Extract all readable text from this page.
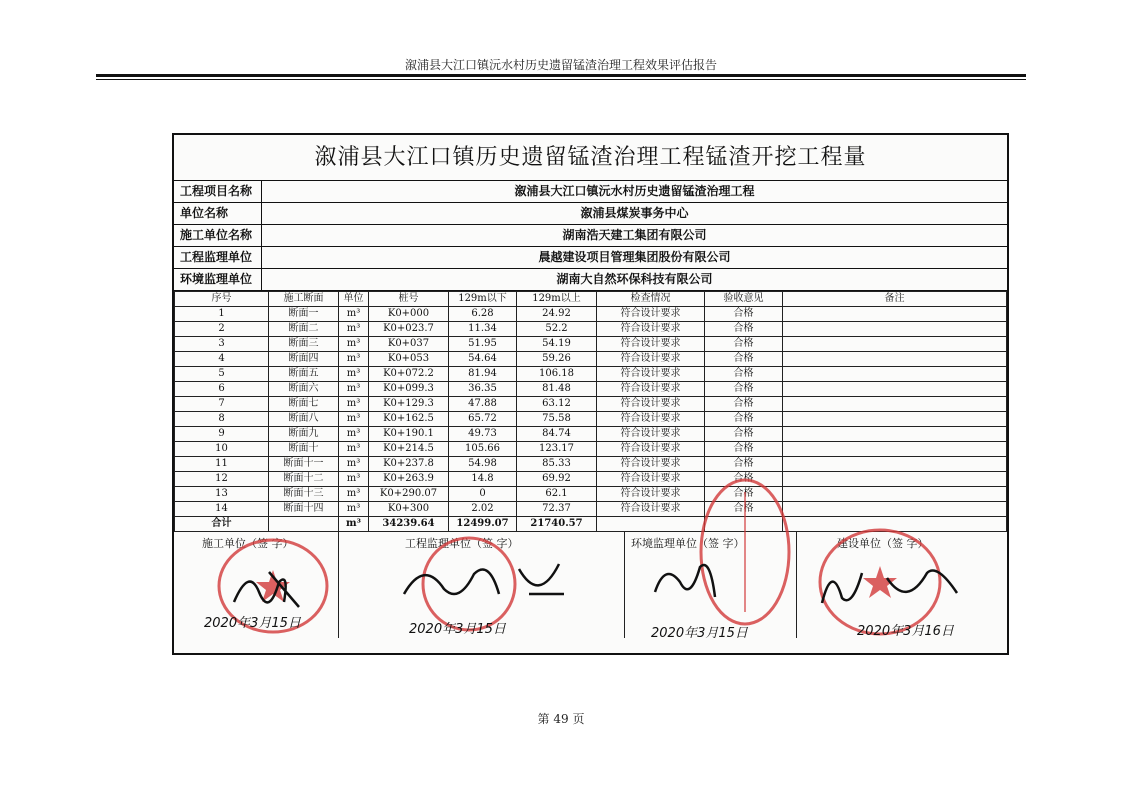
溆浦县大江口镇沅水村历史遗留锰渣治理工程效果评估报告
溆浦县大江口镇历史遗留锰渣治理工程锰渣开挖工程量
工程项目名称	溆浦县大江口镇沅水村历史遗留锰渣治理工程
单位名称	溆浦县煤炭事务中心
施工单位名称	湖南浩天建工集团有限公司
工程监理单位	晨越建设项目管理集团股份有限公司
环境监理单位	湖南大自然环保科技有限公司
序号	施工断面	单位	桩号	129m以下	129m以上	检查情况	验收意见	备注
1	断面一	m³	K0+000	6.28	24.92	符合设计要求	合格	
2	断面二	m³	K0+023.7	11.34	52.2	符合设计要求	合格	
3	断面三	m³	K0+037	51.95	54.19	符合设计要求	合格	
4	断面四	m³	K0+053	54.64	59.26	符合设计要求	合格	
5	断面五	m³	K0+072.2	81.94	106.18	符合设计要求	合格	
6	断面六	m³	K0+099.3	36.35	81.48	符合设计要求	合格	
7	断面七	m³	K0+129.3	47.88	63.12	符合设计要求	合格	
8	断面八	m³	K0+162.5	65.72	75.58	符合设计要求	合格	
9	断面九	m³	K0+190.1	49.73	84.74	符合设计要求	合格	
10	断面十	m³	K0+214.5	105.66	123.17	符合设计要求	合格	
11	断面十一	m³	K0+237.8	54.98	85.33	符合设计要求	合格	
12	断面十二	m³	K0+263.9	14.8	69.92	符合设计要求	合格	
13	断面十三	m³	K0+290.07	0	62.1	符合设计要求	合格	
14	断面十四	m³	K0+300	2.02	72.37	符合设计要求	合格	
合计		m³	34239.64	12499.07	21740.57			
施工单位（签 字）
2020年3月15日
工程监理单位（签 字）
2020年3月15日
环境监理单位（签 字）
2020年3月15日
建设单位（签 字）
2020年3月16日
第 49 页
